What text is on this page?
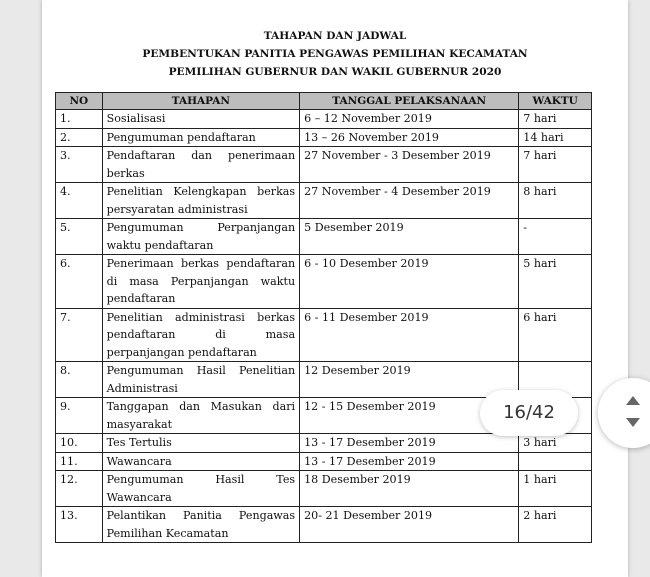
TAHAPAN DAN JADWAL
PEMBENTUKAN PANITIA PENGAWAS PEMILIHAN KECAMATAN
PEMILIHAN GUBERNUR DAN WAKIL GUBERNUR 2020
NO	TAHAPAN	TANGGAL PELAKSANAAN	WAKTU
1.	Sosialisasi	6 – 12 November 2019	7 hari
2.	Pengumuman pendaftaran	13 – 26 November 2019	14 hari
3.	Pendaftaran dan penerimaan berkas	27 November - 3 Desember 2019	7 hari
4.	Penelitian Kelengkapan berkas persyaratan administrasi	27 November - 4 Desember 2019	8 hari
5.	Pengumuman Perpanjangan waktu pendaftaran	5 Desember 2019	-
6.	Penerimaan berkas pendaftaran di masa Perpanjangan waktu pendaftaran	6 - 10 Desember 2019	5 hari
7.	Penelitian administrasi berkas pendaftaran di masa perpanjangan pendaftaran	6 - 11 Desember 2019	6 hari
8.	Pengumuman Hasil Penelitian Administrasi	12 Desember 2019	
9.	Tanggapan dan Masukan dari masyarakat	12 - 15 Desember 2019	
10.	Tes Tertulis	13 - 17 Desember 2019	3 hari
11.	Wawancara	13 - 17 Desember 2019	
12.	Pengumuman Hasil Tes Wawancara	18 Desember 2019	1 hari
13.	Pelantikan Panitia Pengawas Pemilihan Kecamatan	20- 21 Desember 2019	2 hari
16/42
